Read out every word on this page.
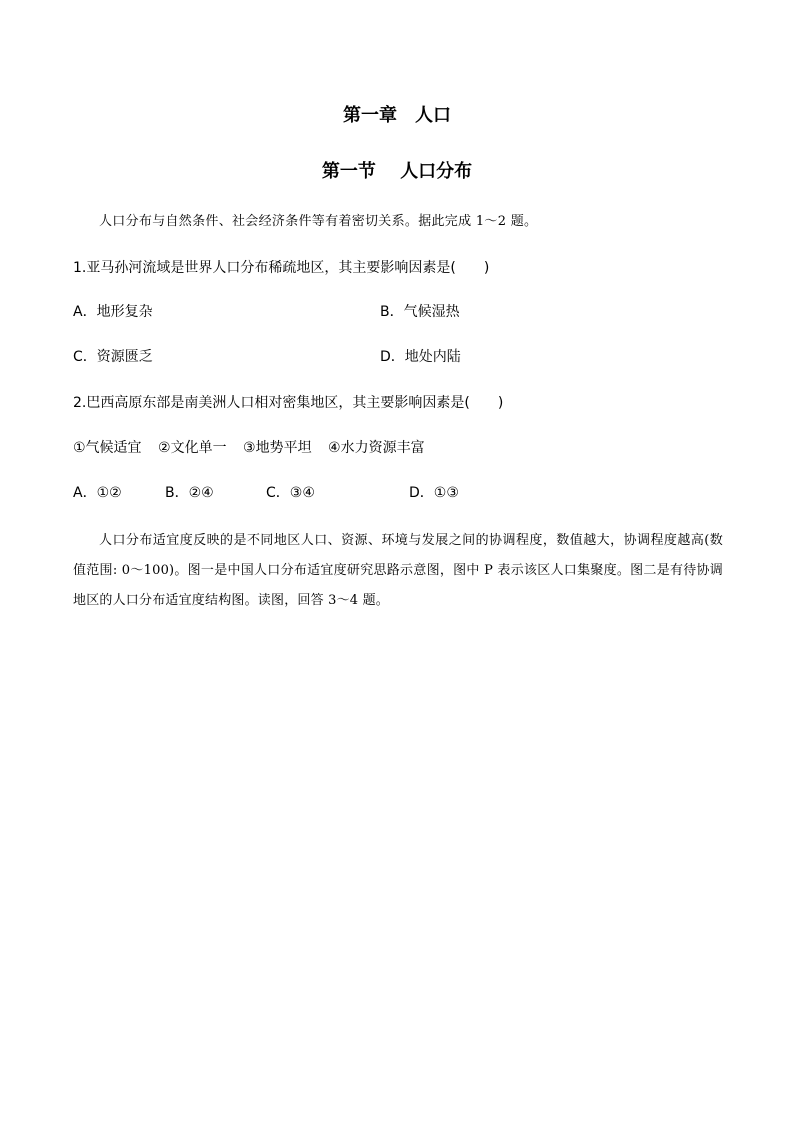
第一章　人口
第一节　 人口分布
人口分布与自然条件、社会经济条件等有着密切关系。据此完成 1～2 题。
1.亚马孙河流域是世界人口分布稀疏地区，其主要影响因素是(　　)
A．地形复杂	B．气候湿热
C．资源匮乏	D．地处内陆
2.巴西高原东部是南美洲人口相对密集地区，其主要影响因素是(　　)
①气候适宜 ②文化单一 ③地势平坦 ④水力资源丰富
A．①②	B．②④	C．③④	D．①③
人口分布适宜度反映的是不同地区人口、资源、环境与发展之间的协调程度，数值越大，协调程度越高(数值范围: 0～100)。图一是中国人口分布适宜度研究思路示意图，图中 P 表示该区人口集聚度。图二是有待协调地区的人口分布适宜度结构图。读图，回答 3～4 题。
